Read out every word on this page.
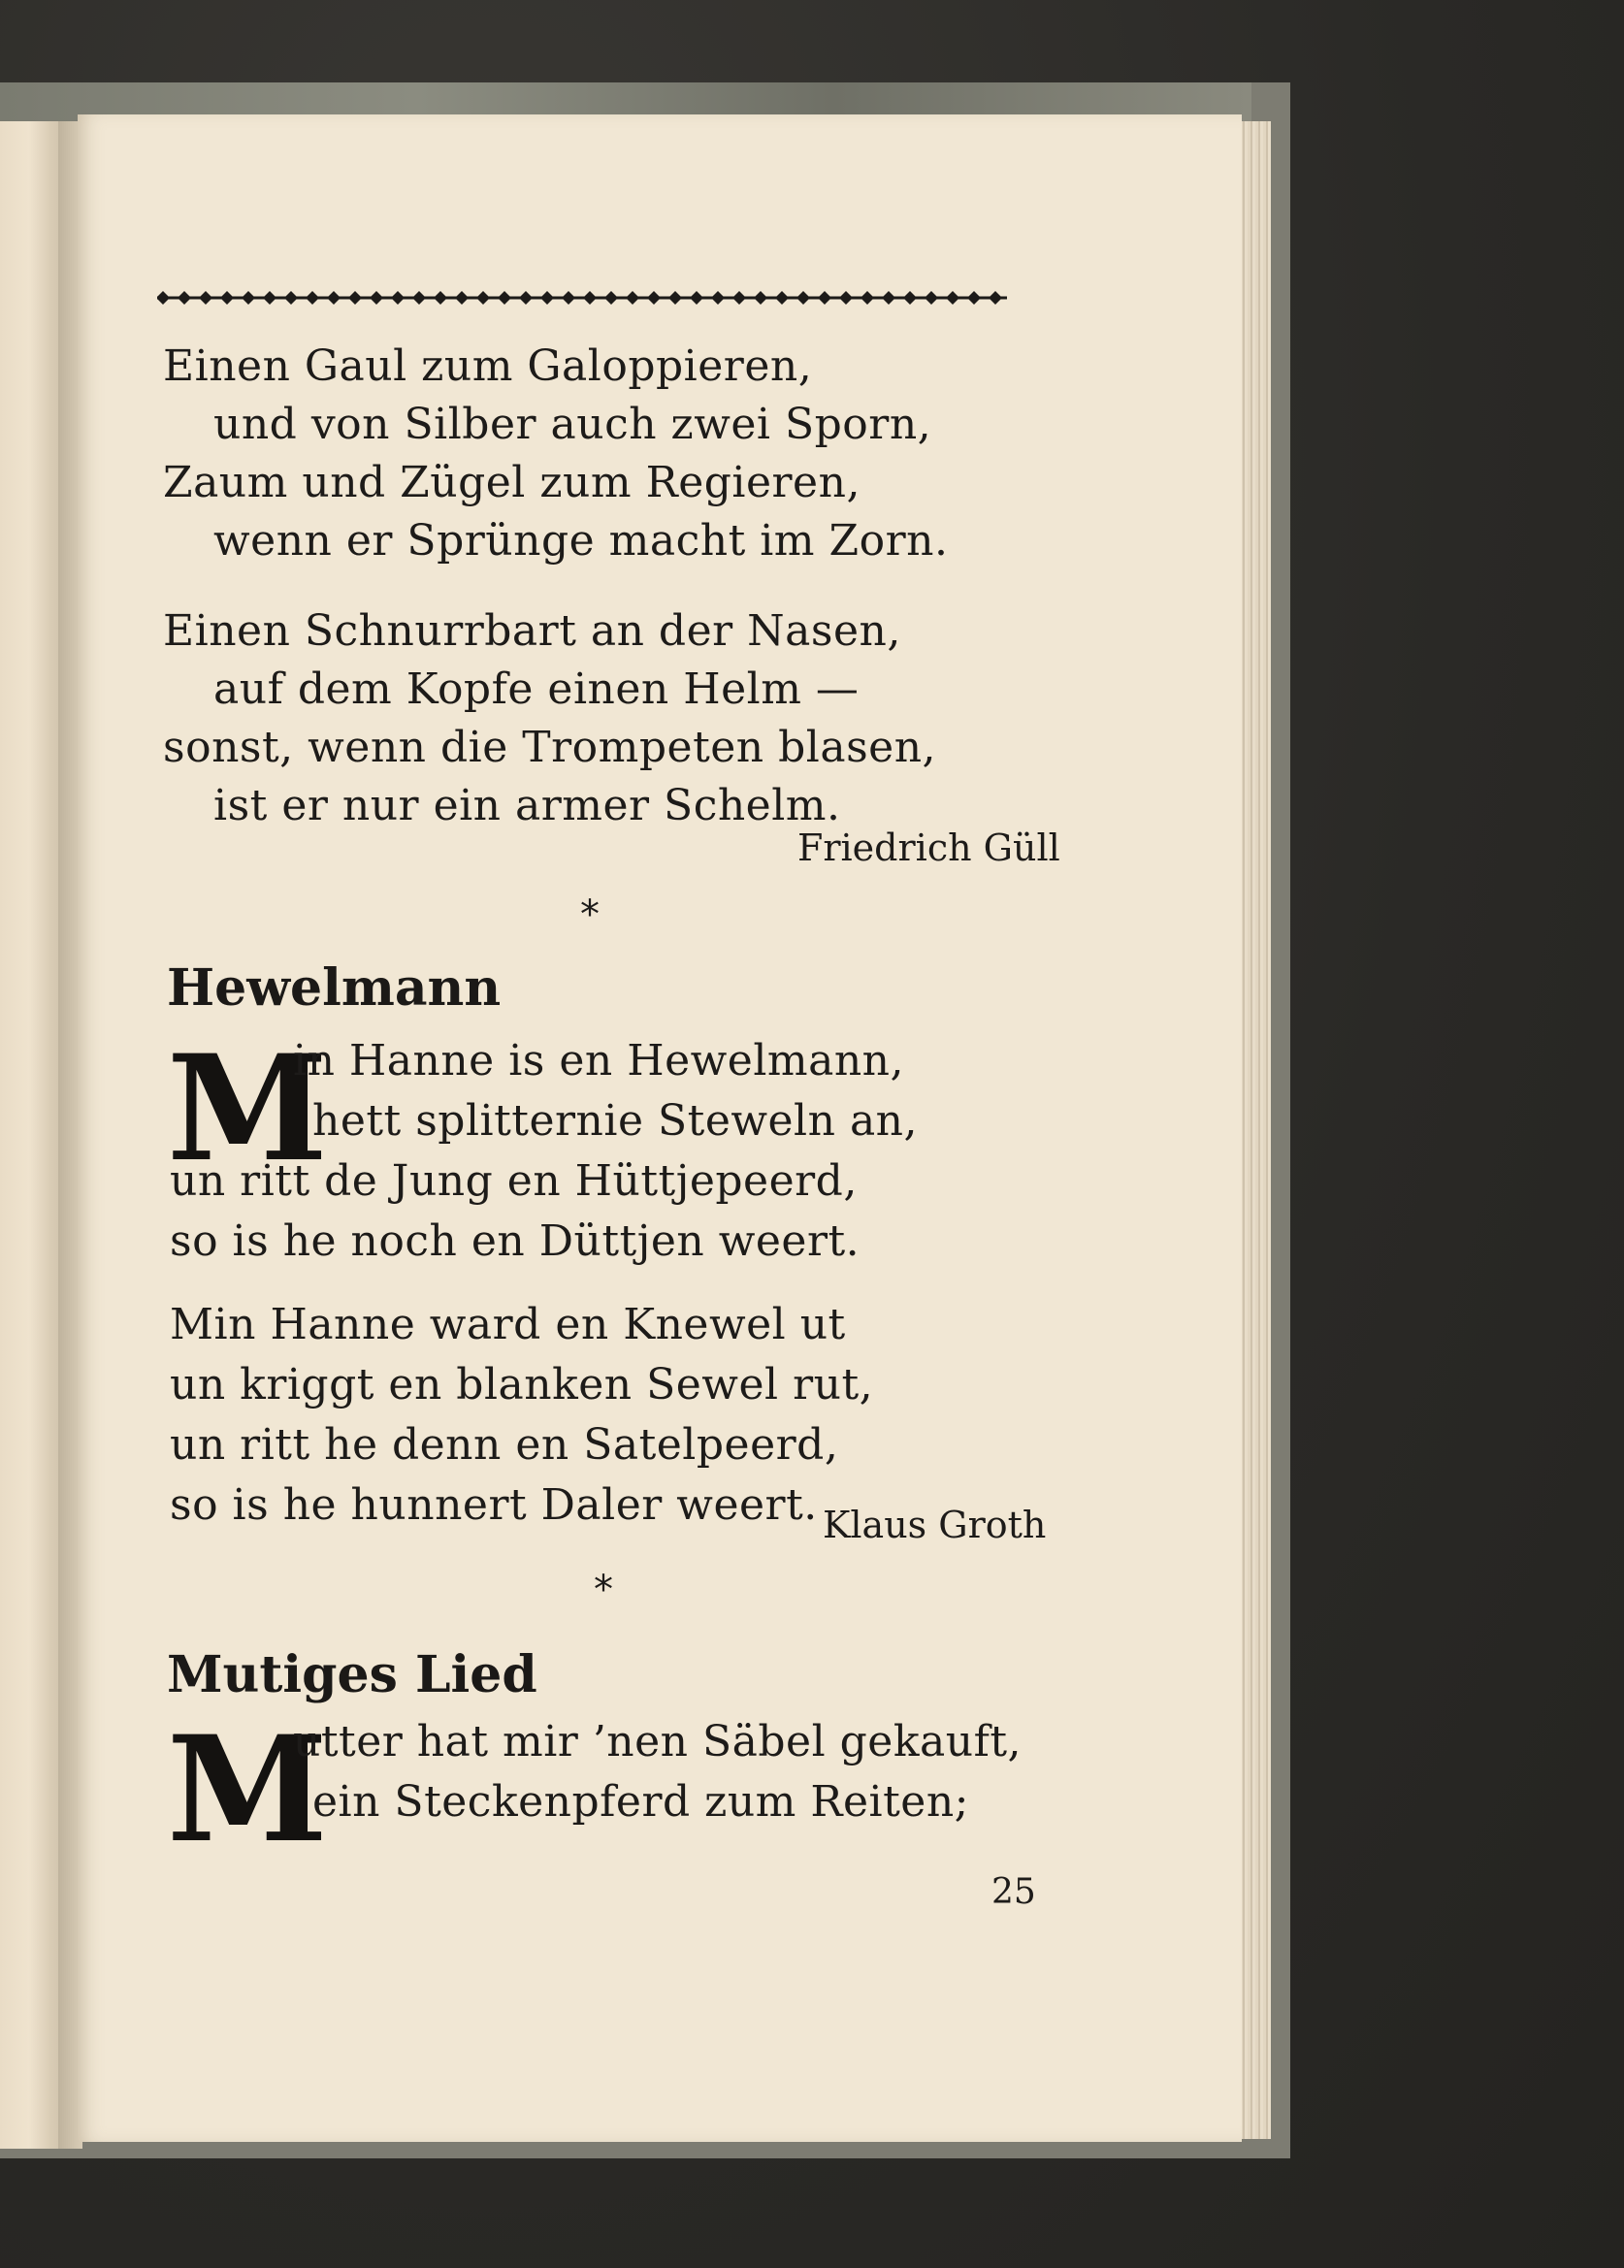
Einen Gaul zum Galoppieren,
und von Silber auch zwei Sporn,
Zaum und Zügel zum Regieren,
wenn er Sprünge macht im Zorn.
Einen Schnurrbart an der Nasen,
auf dem Kopfe einen Helm —
sonst, wenn die Trompeten blasen,
ist er nur ein armer Schelm.
Friedrich Güll
*
Hewelmann
M
in Hanne is en Hewelmann,
hett splitternie Steweln an,
un ritt de Jung en Hüttjepeerd,
so is he noch en Düttjen weert.
Min Hanne ward en Knewel ut
un kriggt en blanken Sewel rut,
un ritt he denn en Satelpeerd,
so is he hunnert Daler weert. Klaus Groth
*
Mutiges Lied
M
utter hat mir ’nen Säbel gekauft,
ein Steckenpferd zum Reiten;
25
